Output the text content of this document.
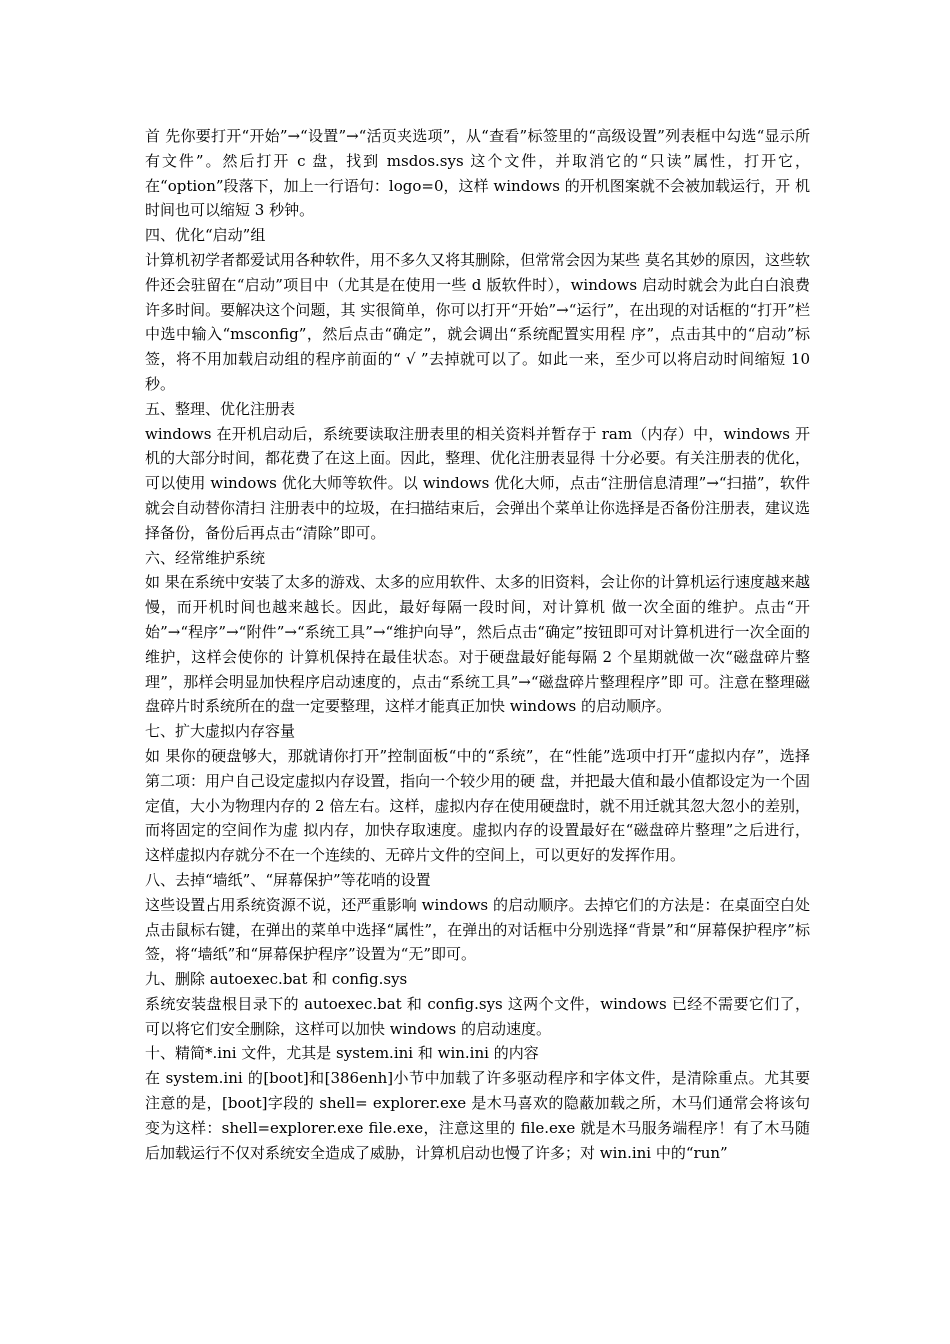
首 先你要打开“开始”→“设置”→“活页夹选项”，从“查看”标签里的“高级设置”列表框中勾选“显示所有文件”。然后打开 c 盘，找到 msdos.sys 这个文件，并取消它的“只读”属性，打开它，在“option”段落下，加上一行语句：logo=0，这样 windows 的开机图案就不会被加载运行，开 机时间也可以缩短 3 秒钟。

四、优化“启动”组

计算机初学者都爱试用各种软件，用不多久又将其删除，但常常会因为某些 莫名其妙的原因，这些软件还会驻留在“启动”项目中（尤其是在使用一些 d 版软件时），windows 启动时就会为此白白浪费许多时间。要解决这个问题，其 实很简单，你可以打开“开始”→“运行”，在出现的对话框的“打开”栏中选中输入“msconfig”，然后点击“确定”，就会调出“系统配置实用程 序”，点击其中的“启动”标签，将不用加载启动组的程序前面的“ √ ”去掉就可以了。如此一来，至少可以将启动时间缩短 10 秒。

五、整理、优化注册表

windows 在开机启动后，系统要读取注册表里的相关资料并暂存于 ram（内存）中，windows 开机的大部分时间，都花费了在这上面。因此，整理、优化注册表显得 十分必要。有关注册表的优化，可以使用 windows 优化大师等软件。以 windows 优化大师，点击“注册信息清理”→“扫描”，软件就会自动替你清扫 注册表中的垃圾，在扫描结束后，会弹出个菜单让你选择是否备份注册表，建议选择备份，备份后再点击“清除”即可。

六、经常维护系统

如 果在系统中安装了太多的游戏、太多的应用软件、太多的旧资料，会让你的计算机运行速度越来越慢，而开机时间也越来越长。因此，最好每隔一段时间，对计算机 做一次全面的维护。点击“开始”→“程序”→“附件”→“系统工具”→“维护向导”，然后点击“确定”按钮即可对计算机进行一次全面的维护，这样会使你的 计算机保持在最佳状态。对于硬盘最好能每隔 2 个星期就做一次“磁盘碎片整理”，那样会明显加快程序启动速度的，点击“系统工具”→“磁盘碎片整理程序”即 可。注意在整理磁盘碎片时系统所在的盘一定要整理，这样才能真正加快 windows 的启动顺序。

七、扩大虚拟内存容量

如 果你的硬盘够大，那就请你打开”控制面板“中的“系统”，在“性能”选项中打开“虚拟内存”，选择第二项：用户自己设定虚拟内存设置，指向一个较少用的硬 盘，并把最大值和最小值都设定为一个固定值，大小为物理内存的 2 倍左右。这样，虚拟内存在使用硬盘时，就不用迁就其忽大忽小的差别，而将固定的空间作为虚 拟内存，加快存取速度。虚拟内存的设置最好在“磁盘碎片整理”之后进行，这样虚拟内存就分不在一个连续的、无碎片文件的空间上，可以更好的发挥作用。

八、去掉“墙纸”、“屏幕保护”等花哨的设置

这些设置占用系统资源不说，还严重影响 windows 的启动顺序。去掉它们的方法是：在桌面空白处点击鼠标右键，在弹出的菜单中选择“属性”，在弹出的对话框中分别选择“背景”和“屏幕保护程序”标签，将“墙纸”和“屏幕保护程序”设置为“无”即可。

九、删除 autoexec.bat 和 config.sys

系统安装盘根目录下的 autoexec.bat 和 config.sys 这两个文件，windows 已经不需要它们了，可以将它们安全删除，这样可以加快 windows 的启动速度。

十、精简*.ini 文件，尤其是 system.ini 和 win.ini 的内容

在 system.ini 的[boot]和[386enh]小节中加载了许多驱动程序和字体文件，是清除重点。尤其要注意的是，[boot]字段的 shell= explorer.exe 是木马喜欢的隐蔽加载之所，木马们通常会将该句变为这样：shell=explorer.exe file.exe，注意这里的 file.exe 就是木马服务端程序！有了木马随后加载运行不仅对系统安全造成了威胁，计算机启动也慢了许多；对 win.ini 中的“run”
